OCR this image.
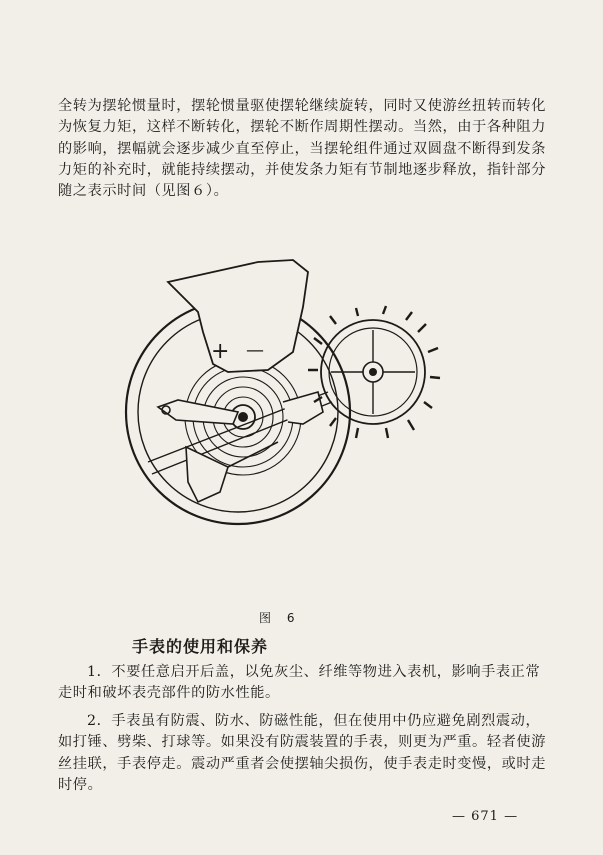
全转为摆轮惯量时，摆轮惯量驱使摆轮继续旋转，同时又使游丝扭转而转化为恢复力矩，这样不断转化，摆轮不断作周期性摆动。当然，由于各种阻力的影响，摆幅就会逐步减少直至停止，当摆轮组件通过双圆盘不断得到发条力矩的补充时，就能持续摆动，并使发条力矩有节制地逐步释放，指针部分随之表示时间（见图６）。

+ —
图 6
手表的使用和保养

1．不要任意启开后盖，以免灰尘、纤维等物进入表机，影响手表正常走时和破坏表壳部件的防水性能。

2．手表虽有防震、防水、防磁性能，但在使用中仍应避免剧烈震动，如打锤、劈柴、打球等。如果没有防震装置的手表，则更为严重。轻者使游丝挂联，手表停走。震动严重者会使摆轴尖损伤，使手表走时变慢，或时走时停。

— 671 —
